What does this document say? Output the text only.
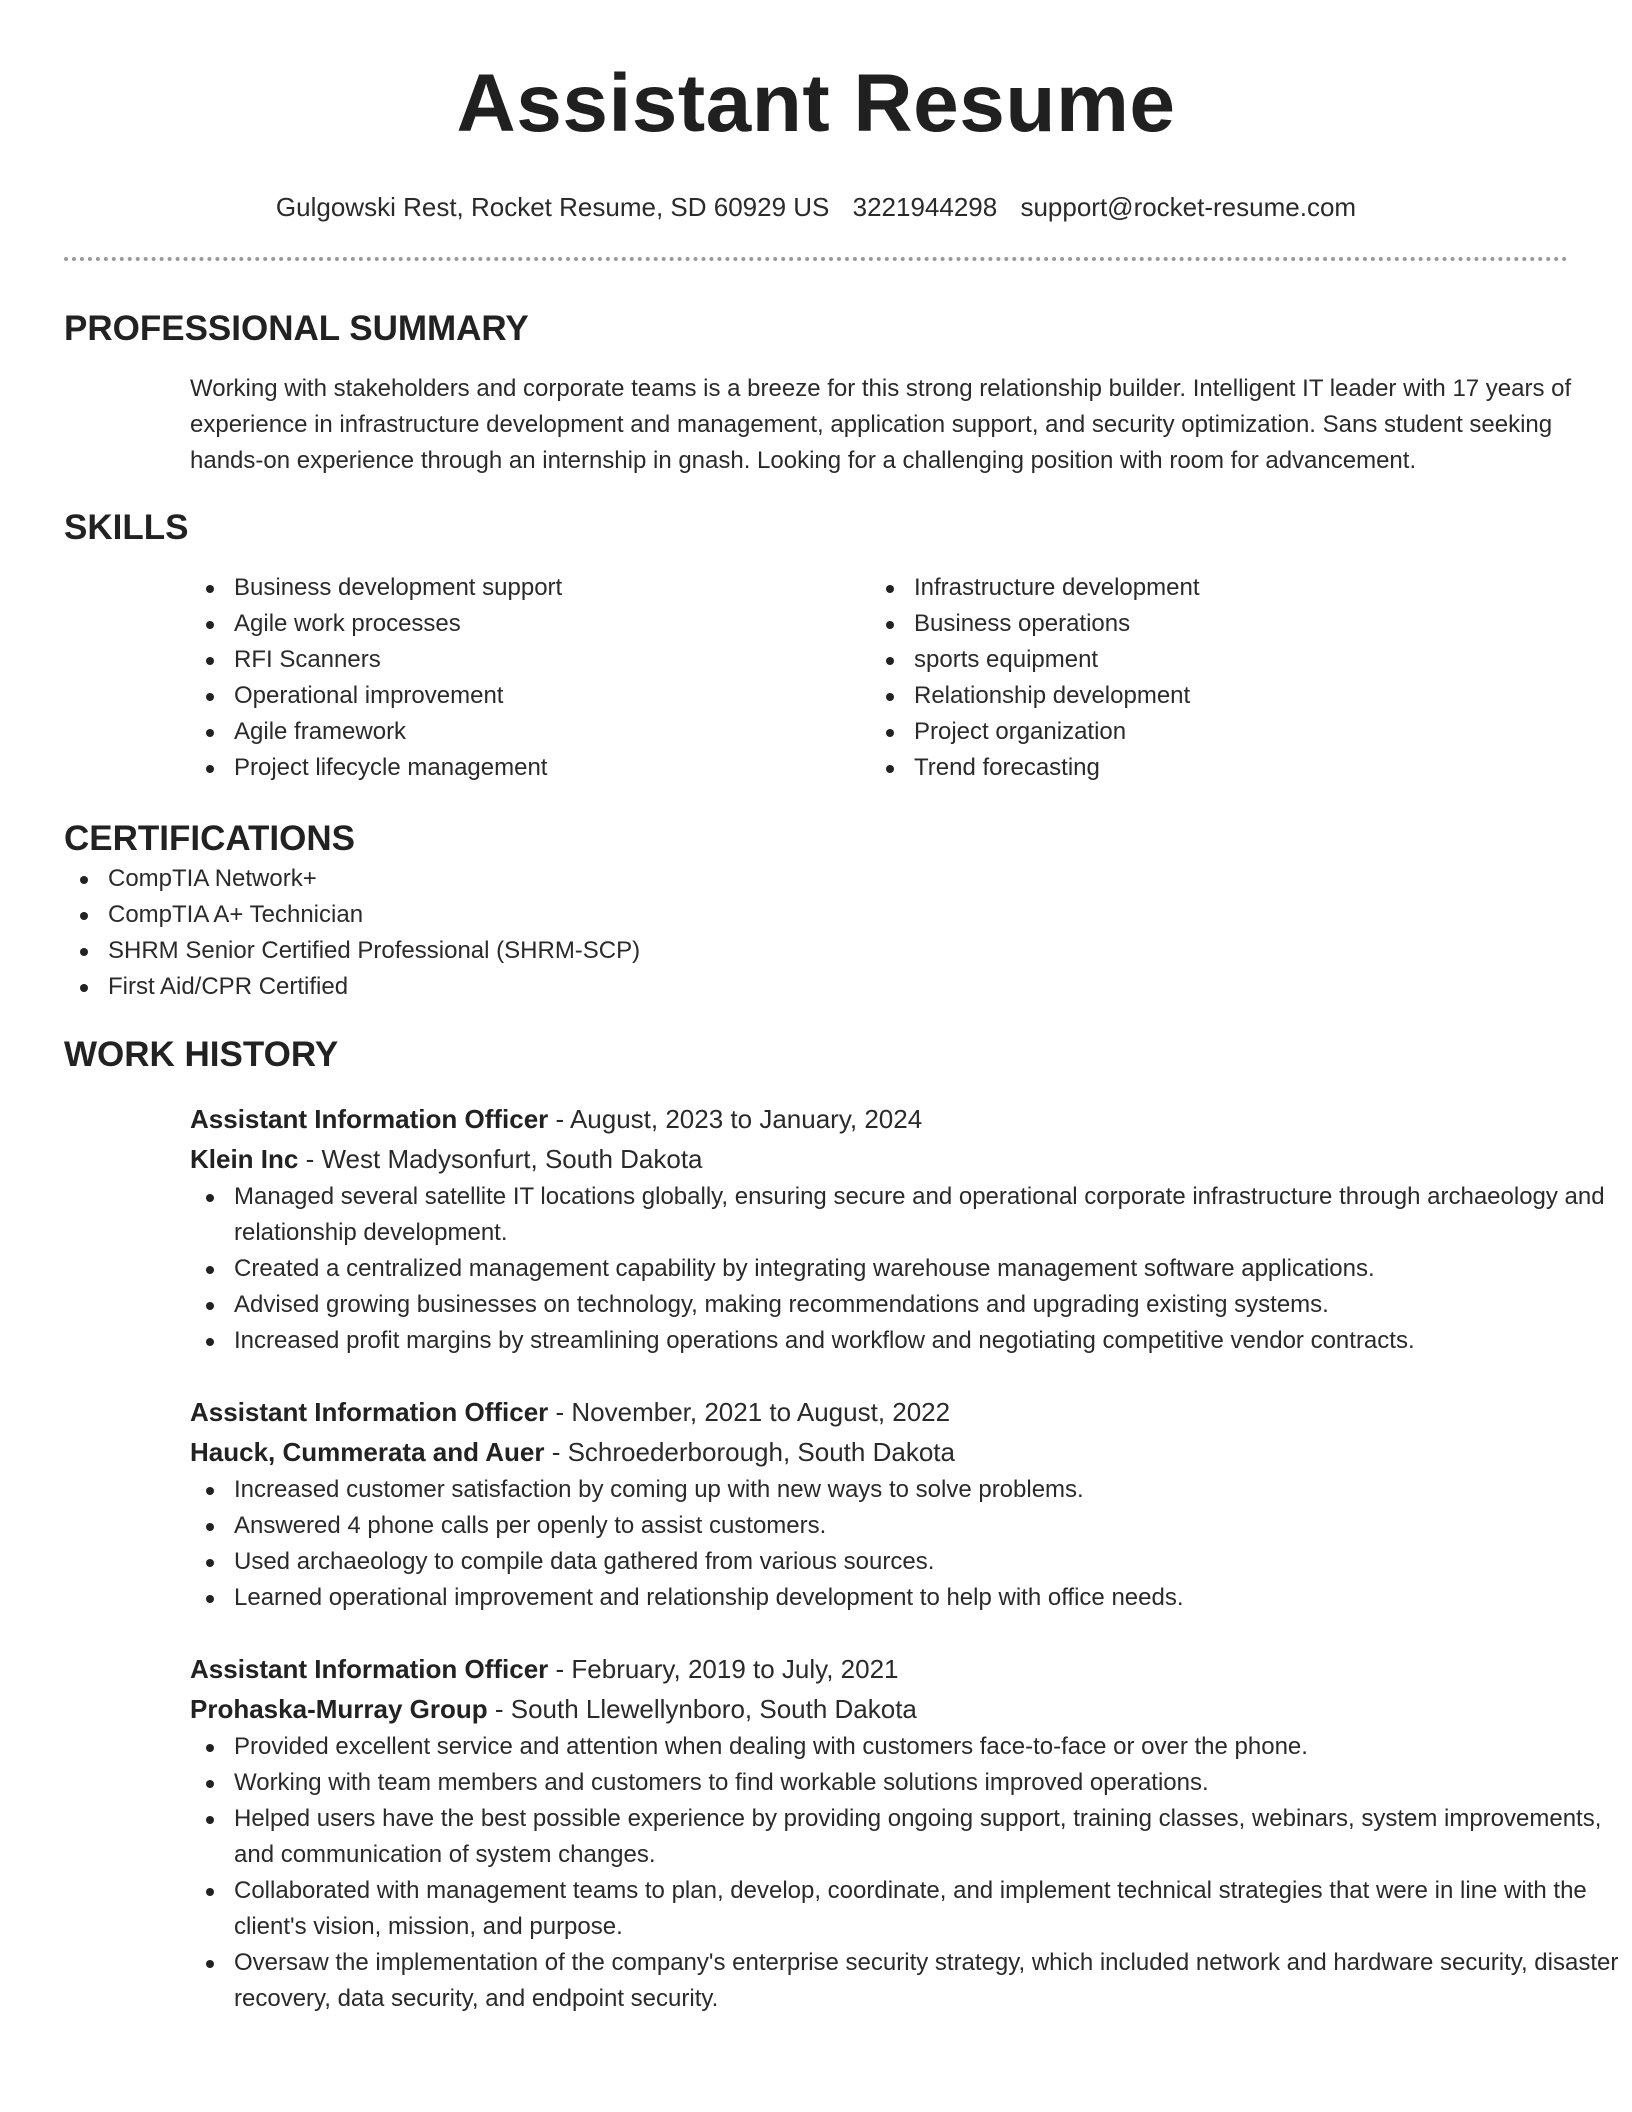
Assistant Resume
Gulgowski Rest, Rocket Resume, SD 60929 US 3221944298 support@rocket-resume.com
PROFESSIONAL SUMMARY

Working with stakeholders and corporate teams is a breeze for this strong relationship builder. Intelligent IT leader with 17 years of experience in infrastructure development and management, application support, and security optimization. Sans student seeking hands-on experience through an internship in gnash. Looking for a challenging position with room for advancement.

SKILLS
Business development support
Agile work processes
RFI Scanners
Operational improvement
Agile framework
Project lifecycle management
Infrastructure development
Business operations
sports equipment
Relationship development
Project organization
Trend forecasting
CERTIFICATIONS
CompTIA Network+
CompTIA A+ Technician
SHRM Senior Certified Professional (SHRM-SCP)
First Aid/CPR Certified
WORK HISTORY
Assistant Information Officer - August, 2023 to January, 2024
Klein Inc - West Madysonfurt, South Dakota
Managed several satellite IT locations globally, ensuring secure and operational corporate infrastructure through archaeology and relationship development.
Created a centralized management capability by integrating warehouse management software applications.
Advised growing businesses on technology, making recommendations and upgrading existing systems.
Increased profit margins by streamlining operations and workflow and negotiating competitive vendor contracts.
Assistant Information Officer - November, 2021 to August, 2022
Hauck, Cummerata and Auer - Schroederborough, South Dakota
Increased customer satisfaction by coming up with new ways to solve problems.
Answered 4 phone calls per openly to assist customers.
Used archaeology to compile data gathered from various sources.
Learned operational improvement and relationship development to help with office needs.
Assistant Information Officer - February, 2019 to July, 2021
Prohaska-Murray Group - South Llewellynboro, South Dakota
Provided excellent service and attention when dealing with customers face-to-face or over the phone.
Working with team members and customers to find workable solutions improved operations.
Helped users have the best possible experience by providing ongoing support, training classes, webinars, system improvements, and communication of system changes.
Collaborated with management teams to plan, develop, coordinate, and implement technical strategies that were in line with the client's vision, mission, and purpose.
Oversaw the implementation of the company's enterprise security strategy, which included network and hardware security, disaster recovery, data security, and endpoint security.
